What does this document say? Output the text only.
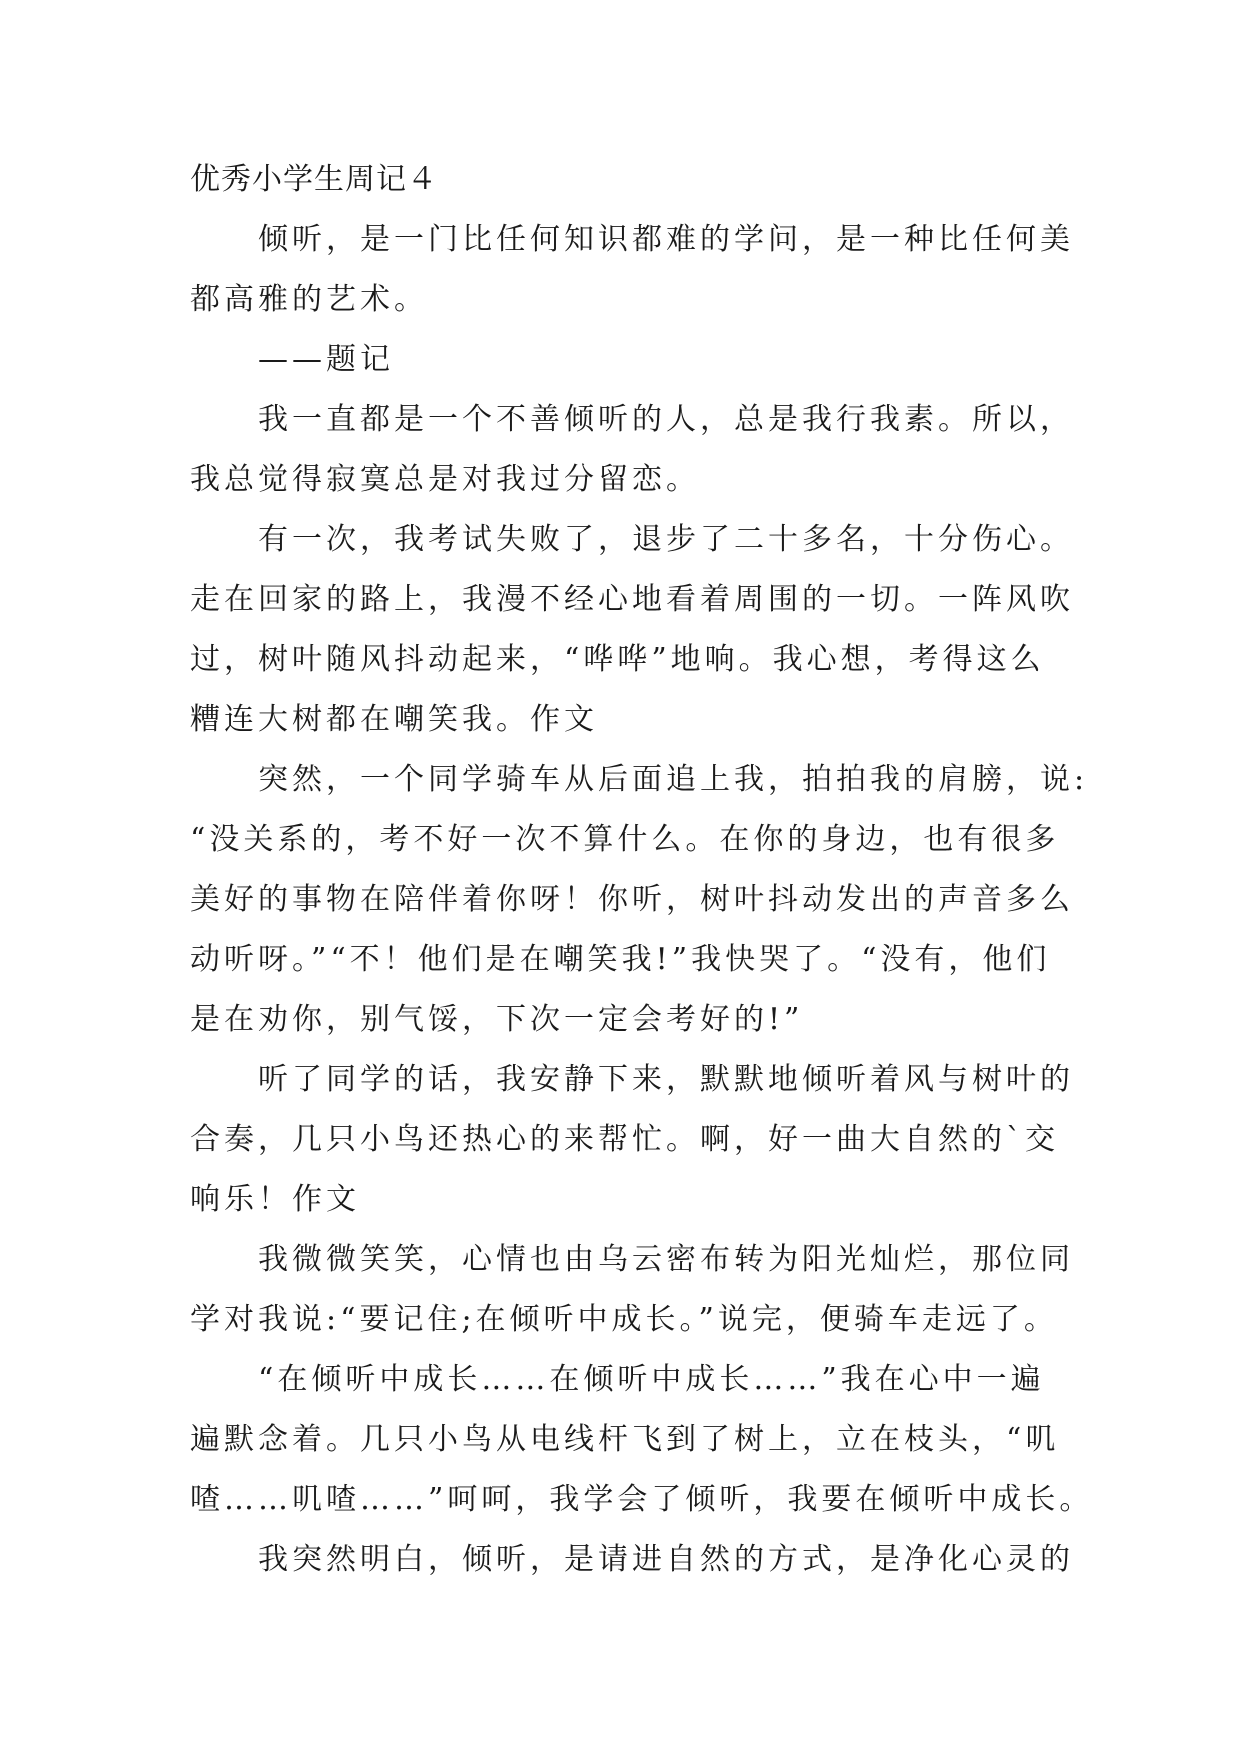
优秀小学生周记４
　　倾听，是一门比任何知识都难的学问，是一种比任何美
都高雅的艺术。
　　——题记
　　我一直都是一个不善倾听的人，总是我行我素。所以，
我总觉得寂寞总是对我过分留恋。
　　有一次，我考试失败了，退步了二十多名，十分伤心。
走在回家的路上，我漫不经心地看着周围的一切。一阵风吹
过，树叶随风抖动起来，“哗哗”地响。我心想，考得这么
糟连大树都在嘲笑我。作文
　　突然，一个同学骑车从后面追上我，拍拍我的肩膀，说:
“没关系的，考不好一次不算什么。在你的身边，也有很多
美好的事物在陪伴着你呀！你听，树叶抖动发出的声音多么
动听呀。”“不！他们是在嘲笑我!”我快哭了。“没有，他们
是在劝你，别气馁，下次一定会考好的!”
　　听了同学的话，我安静下来，默默地倾听着风与树叶的
合奏，几只小鸟还热心的来帮忙。啊，好一曲大自然的`交
响乐！作文
　　我微微笑笑，心情也由乌云密布转为阳光灿烂，那位同
学对我说:“要记住;在倾听中成长。”说完，便骑车走远了。
　　“在倾听中成长……在倾听中成长……”我在心中一遍
遍默念着。几只小鸟从电线杆飞到了树上，立在枝头，“叽
喳……叽喳……”呵呵，我学会了倾听，我要在倾听中成长。
　　我突然明白，倾听，是请进自然的方式，是净化心灵的
